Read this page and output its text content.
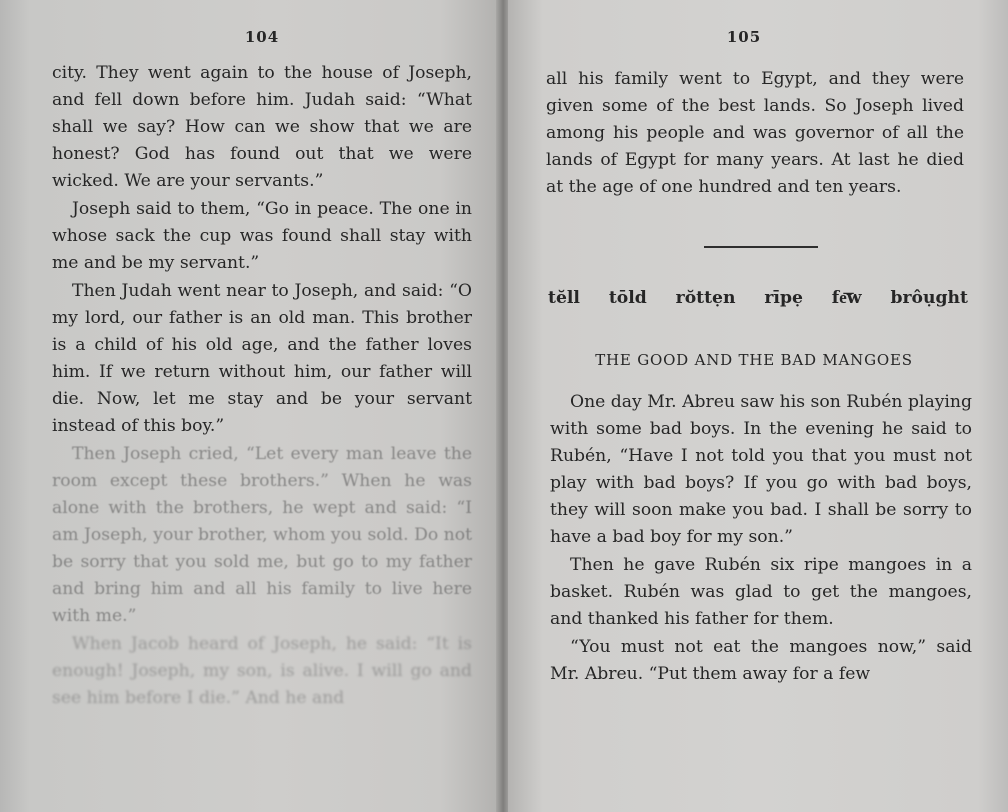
104

city. They went again to the house of Joseph, and fell down before him. Judah said: “What shall we say? How can we show that we are honest? God has found out that we were wicked. We are your servants.”

Joseph said to them, “Go in peace. The one in whose sack the cup was found shall stay with me and be my servant.”

Then Judah went near to Joseph, and said: “O my lord, our father is an old man. This brother is a child of his old age, and the father loves him. If we return without him, our father will die. Now, let me stay and be your servant instead of this boy.”

Then Joseph cried, “Let every man leave the room except these brothers.” When he was alone with the brothers, he wept and said: “I am Joseph, your brother, whom you sold. Do not be sorry that you sold me, but go to my father and bring him and all his family to live here with me.”

When Jacob heard of Joseph, he said: “It is enough! Joseph, my son, is alive. I will go and see him before I die.” And he and

105

all his family went to Egypt, and they were given some of the best lands. So Joseph lived among his people and was governor of all the lands of Egypt for many years. At last he died at the age of one hundred and ten years.

tĕll tōld rŏttẹn rīpẹ fe͞w brôụght
THE GOOD AND THE BAD MANGOES

One day Mr. Abreu saw his son Rubén playing with some bad boys. In the evening he said to Rubén, “Have I not told you that you must not play with bad boys? If you go with bad boys, they will soon make you bad. I shall be sorry to have a bad boy for my son.”

Then he gave Rubén six ripe mangoes in a basket. Rubén was glad to get the mangoes, and thanked his father for them.

“You must not eat the mangoes now,” said Mr. Abreu. “Put them away for a few
